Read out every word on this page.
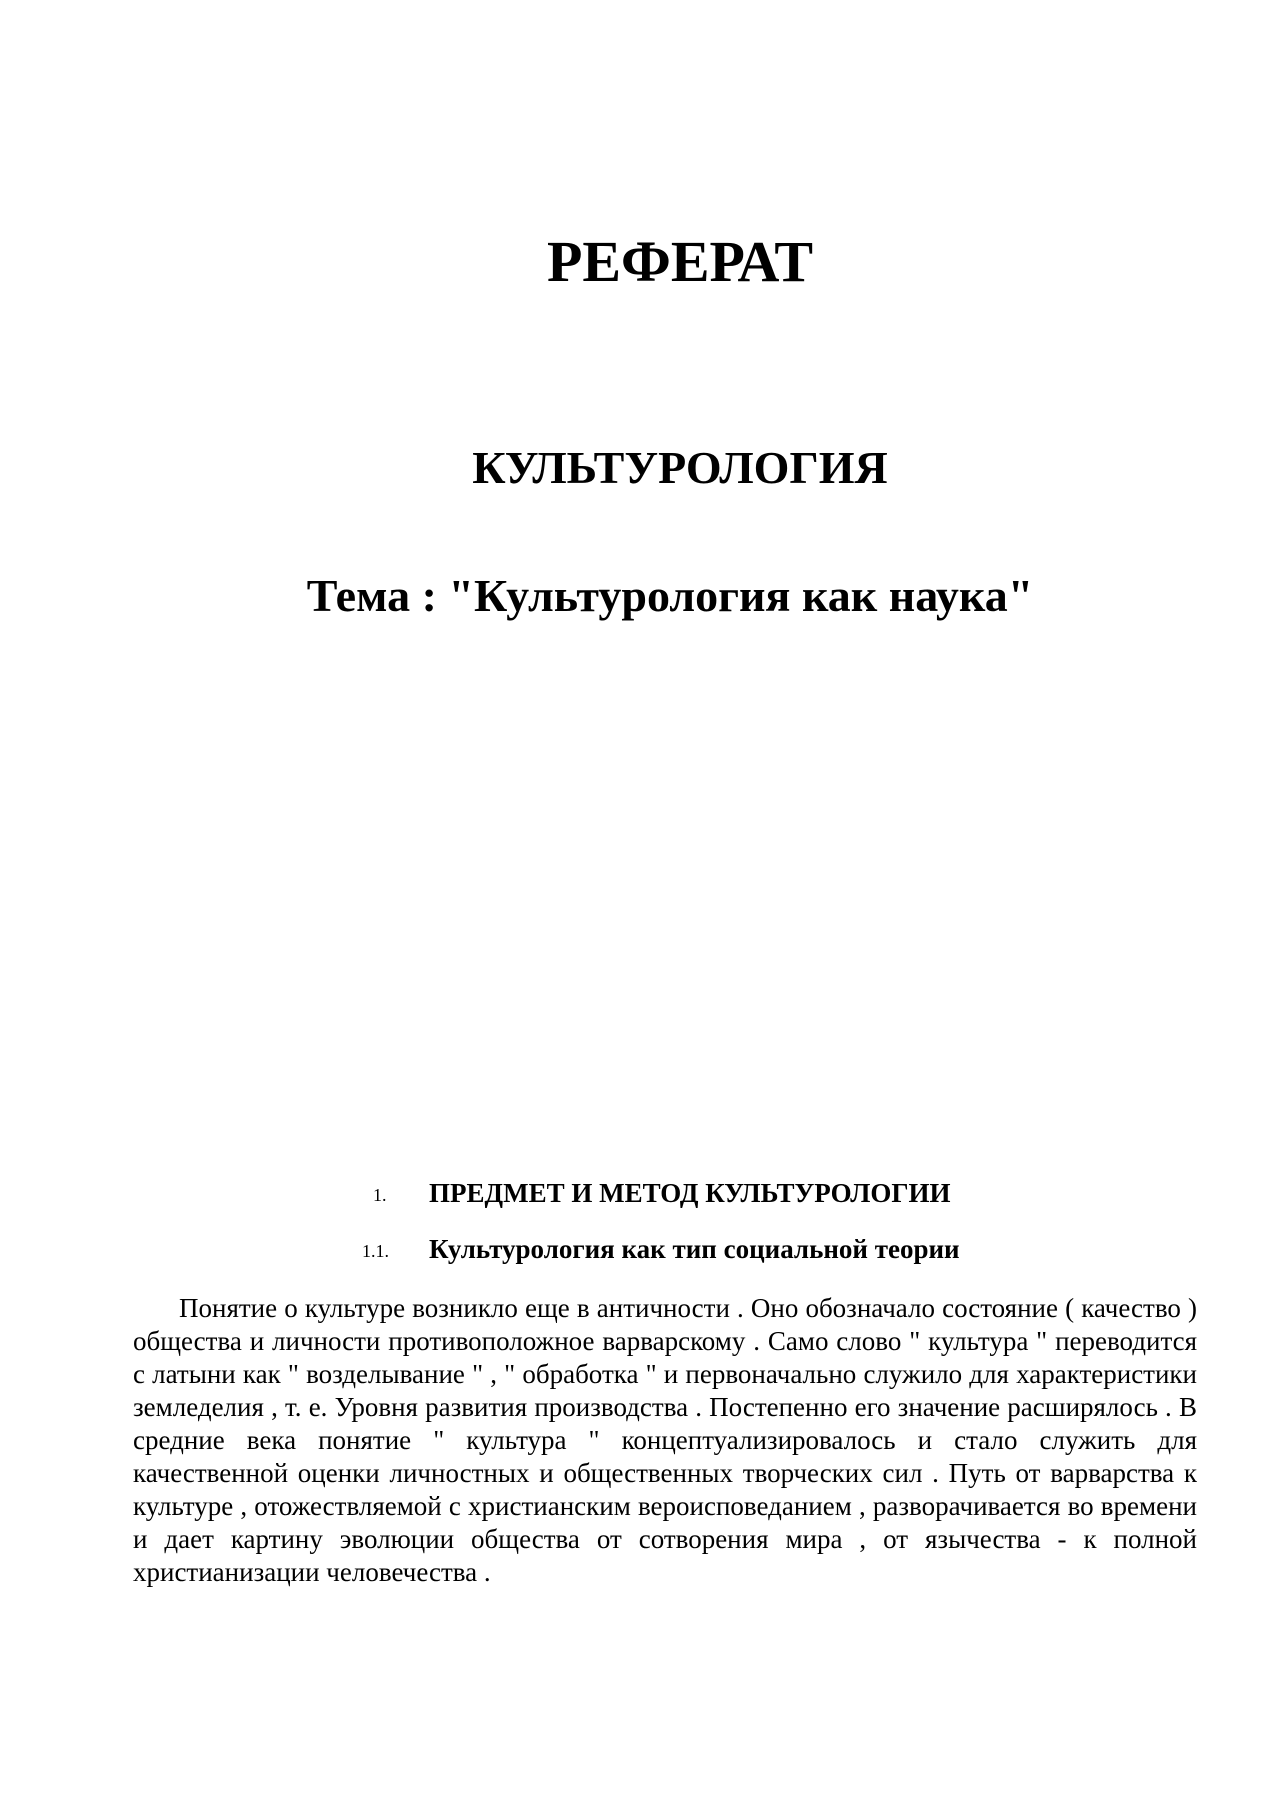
РЕФЕРАТ
КУЛЬТУРОЛОГИЯ
Тема : "Культурология как наука"
1. ПРЕДМЕТ И МЕТОД КУЛЬТУРОЛОГИИ
1.1. Культурология как тип социальной теории

Понятие о культуре возникло еще в античности . Оно обозначало состояние ( качество ) общества и личности противоположное варварскому . Само слово " культура " переводится с латыни как " возделывание " , " обработка " и первоначально служило для характеристики земледелия , т. е. Уровня развития производства . Постепенно его значение расширялось . В средние века понятие " культура " концептуализировалось и стало служить для качественной оценки личностных и общественных творческих сил . Путь от варварства к культуре , отожествляемой с христианским вероисповеданием , разворачивается во времени и дает картину эволюции общества от сотворения мира , от язычества - к полной христианизации человечества .
